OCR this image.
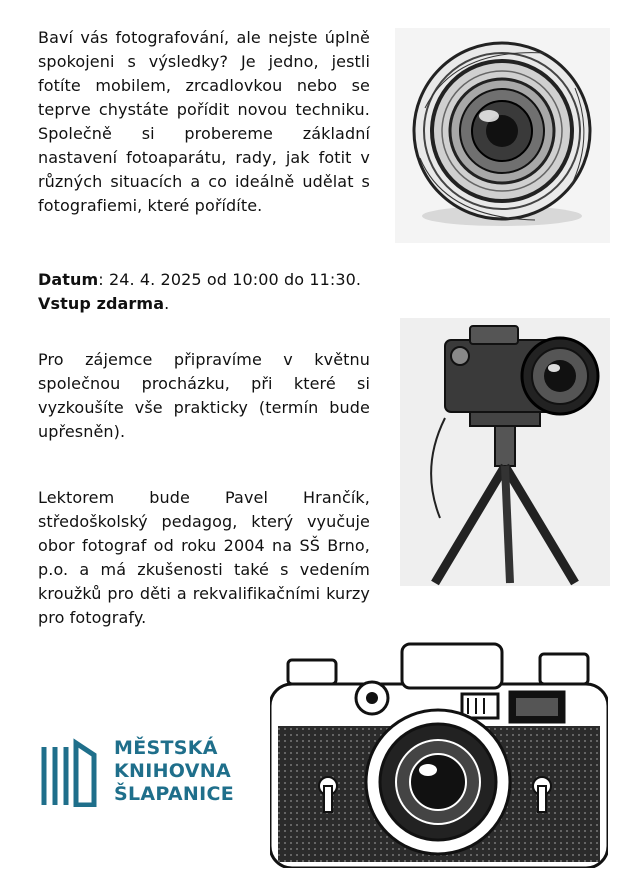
Baví vás fotografování, ale nejste úplně spokojeni s výsledky? Je jedno, jestli fotíte mobilem, zrcadlovkou nebo se teprve chystáte pořídit novou techniku. Společně si probereme základní nastavení fotoaparátu, rady, jak fotit v různých situacích a co ideálně udělat s fotografiemi, které pořídíte.

Datum: 24. 4. 2025 od 10:00 do 11:30.
Vstup zdarma.

Pro zájemce připravíme v květnu společnou procházku, při které si vyzkoušíte vše prakticky (termín bude upřesněn).

Lektorem bude Pavel Hrančík, středoškolský pedagog, který vyučuje obor fotograf od roku 2004 na SŠ Brno, p.o. a má zkušenosti také s vedením kroužků pro děti a rekvalifikačními kurzy pro fotografy.

MĚSTSKÁ
KNIHOVNA
ŠLAPANICE
